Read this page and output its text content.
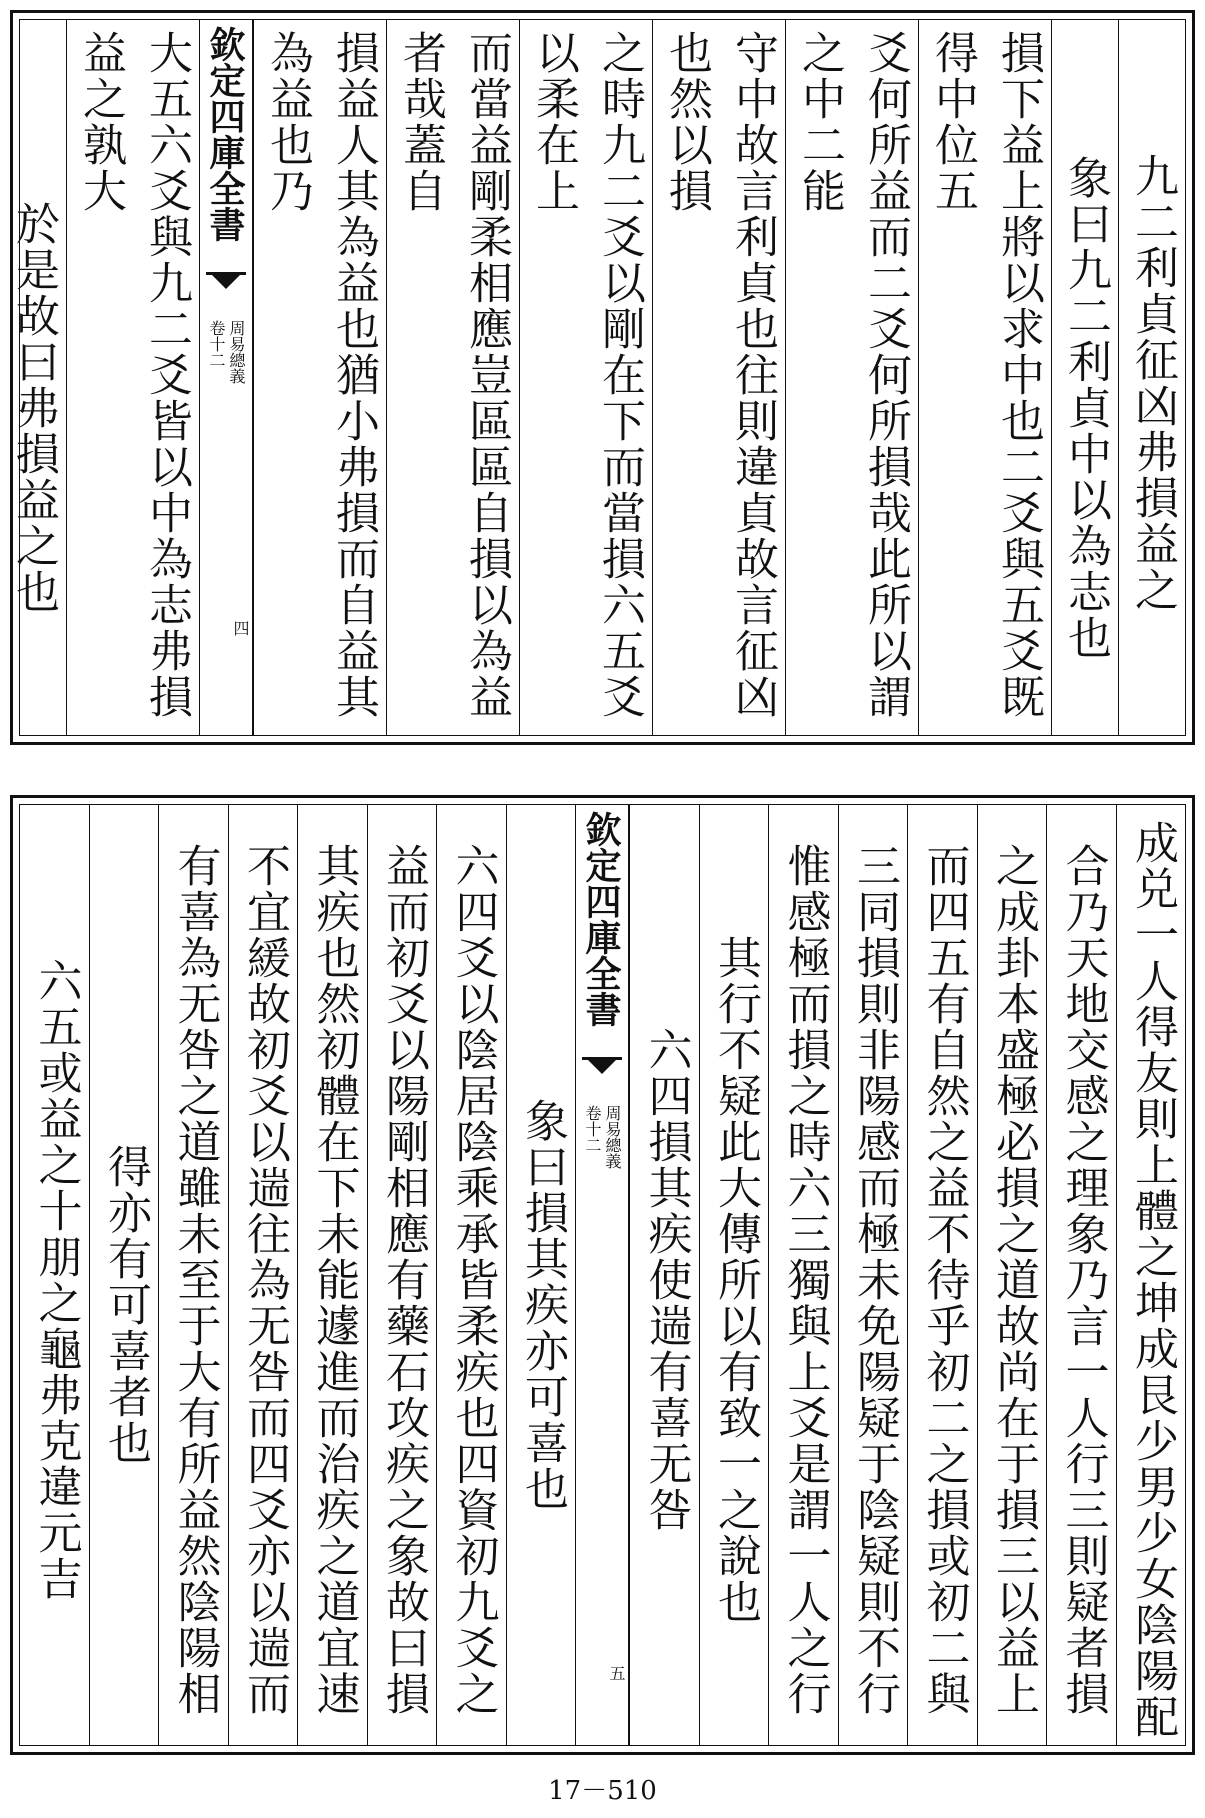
九二利貞征凶弗損益之
象曰九二利貞中以為志也
損下益上將以求中也二爻與五爻既得中位五
爻何所益而二爻何所損哉此所以謂之中二能
守中故言利貞也往則違貞故言征凶也然以損
之時九二爻以剛在下而當損六五爻以柔在上
而當益剛柔相應豈區區自損以為益者哉蓋自
損益人其為益也猶小弗損而自益其為益也乃
欽定四庫全書
周易總義
卷十二
四
大五六爻與九二爻皆以中為志弗損益之孰大
於是故曰弗損益之也
成兑一人得友則上體之坤成艮少男少女陰陽配
合乃天地交感之理象乃言一人行三則疑者損
之成卦本盛極必損之道故尚在于損三以益上
而四五有自然之益不待乎初二之損或初二與
三同損則非陽感而極未免陽疑于陰疑則不行
惟感極而損之時六三獨與上爻是謂一人之行
其行不疑此大傳所以有致一之說也
六四損其疾使遄有喜无咎
欽定四庫全書
周易總義
卷十二
五
象曰損其疾亦可喜也
六四爻以陰居陰乘承皆柔疾也四資初九爻之
益而初爻以陽剛相應有藥石攻疾之象故曰損
其疾也然初體在下未能遽進而治疾之道宜速
不宜緩故初爻以遄往為无咎而四爻亦以遄而
有喜為无咎之道雖未至于大有所益然陰陽相
得亦有可喜者也
六五或益之十朋之龜弗克違元吉
17－510
